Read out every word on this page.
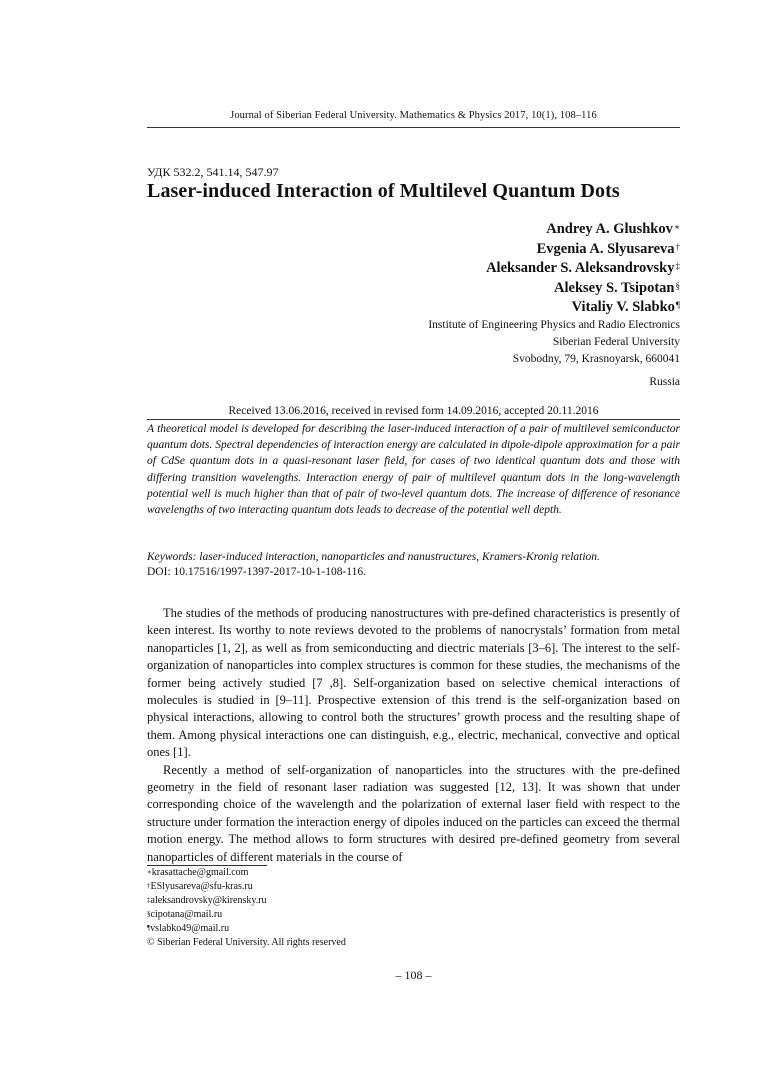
Journal of Siberian Federal University. Mathematics & Physics 2017, 10(1), 108–116
УДК 532.2, 541.14, 547.97
Laser-induced Interaction of Multilevel Quantum Dots
Andrey A. Glushkov∗
Evgenia A. Slyusareva†
Aleksander S. Aleksandrovsky‡
Aleksey S. Tsipotan§
Vitaliy V. Slabko¶
Institute of Engineering Physics and Radio Electronics
Siberian Federal University
Svobodny, 79, Krasnoyarsk, 660041
Russia
Received 13.06.2016, received in revised form 14.09.2016, accepted 20.11.2016
A theoretical model is developed for describing the laser-induced interaction of a pair of multilevel semiconductor quantum dots. Spectral dependencies of interaction energy are calculated in dipole-dipole approximation for a pair of CdSe quantum dots in a quasi-resonant laser field, for cases of two identical quantum dots and those with differing transition wavelengths. Interaction energy of pair of multilevel quantum dots in the long-wavelength potential well is much higher than that of pair of two-level quantum dots. The increase of difference of resonance wavelengths of two interacting quantum dots leads to decrease of the potential well depth.
Keywords: laser-induced interaction, nanoparticles and nanustructures, Kramers-Kronig relation.
DOI: 10.17516/1997-1397-2017-10-1-108-116.

The studies of the methods of producing nanostructures with pre-defined characteristics is presently of keen interest. Its worthy to note reviews devoted to the problems of nanocrystals’ formation from metal nanoparticles [1, 2], as well as from semiconducting and diectric materials [3–6]. The interest to the self-organization of nanoparticles into complex structures is common for these studies, the mechanisms of the former being actively studied [7 ,8]. Self-organization based on selective chemical interactions of molecules is studied in [9–11]. Prospective extension of this trend is the self-organization based on physical interactions, allowing to control both the structures’ growth process and the resulting shape of them. Among physical interactions one can distinguish, e.g., electric, mechanical, convective and optical ones [1].

Recently a method of self-organization of nanoparticles into the structures with the pre-defined geometry in the field of resonant laser radiation was suggested [12, 13]. It was shown that under corresponding choice of the wavelength and the polarization of external laser field with respect to the structure under formation the interaction energy of dipoles induced on the particles can exceed the thermal motion energy. The method allows to form structures with desired pre-defined geometry from several nanoparticles of different materials in the course of

∗krasattache@gmail.com
†ESlyusareva@sfu-kras.ru
‡aleksandrovsky@kirensky.ru
§cipotana@mail.ru
¶vslabko49@mail.ru
© Siberian Federal University. All rights reserved
– 108 –
